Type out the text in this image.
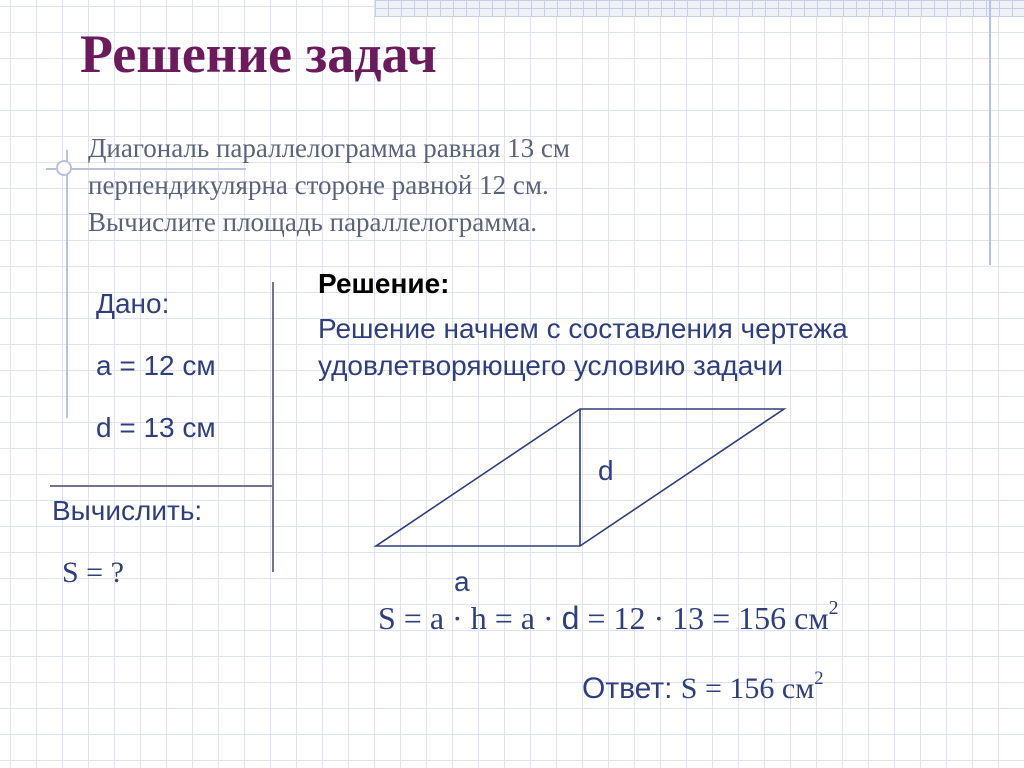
Решение задач
Диагональ параллелограмма равная 13 см
перпендикулярна стороне равной 12 см.
Вычислите площадь параллелограмма.
Дано:
a = 12 см
d = 13 см
Вычислить:
S = ?
Решение:
Решение начнем с составления чертежа
удовлетворяющего условию задачи
d
a
S = a · h = a · d = 12 · 13 = 156 $см^2$
Ответ: S = 156 $см^2$
